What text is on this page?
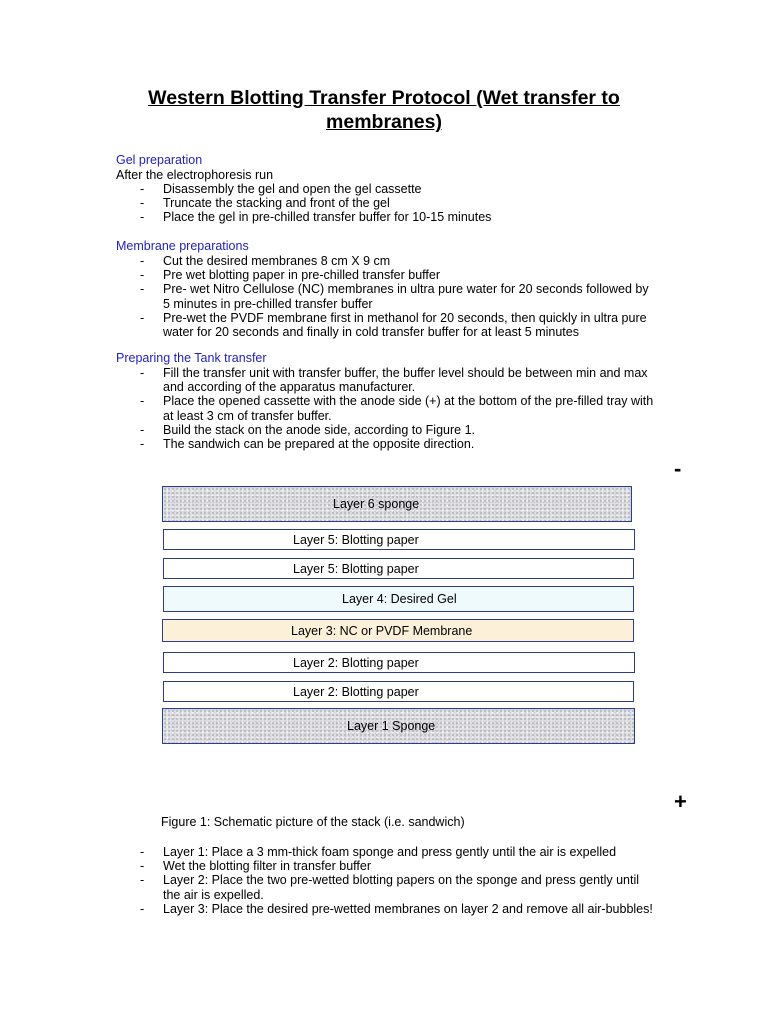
Western Blotting Transfer Protocol (Wet transfer to membranes)
Gel preparation
After the electrophoresis run
- Disassembly the gel and open the gel cassette
- Truncate the stacking and front of the gel
- Place the gel in pre-chilled transfer buffer for 10-15 minutes
Membrane preparations
- Cut the desired membranes 8 cm X 9 cm
- Pre wet blotting paper in pre-chilled transfer buffer
- Pre- wet Nitro Cellulose (NC) membranes in ultra pure water for 20 seconds followed by 5 minutes in pre-chilled transfer buffer
- Pre-wet the PVDF membrane first in methanol for 20 seconds, then quickly in ultra pure water for 20 seconds and finally in cold transfer buffer for at least 5 minutes
Preparing the Tank transfer
- Fill the transfer unit with transfer buffer, the buffer level should be between min and max and according of the apparatus manufacturer.
- Place the opened cassette with the anode side (+) at the bottom of the pre-filled tray with at least 3 cm of transfer buffer.
- Build the stack on the anode side, according to Figure 1.
- The sandwich can be prepared at the opposite direction.
-
Layer 6 sponge
Layer 5: Blotting paper
Layer 5: Blotting paper
Layer 4: Desired Gel
Layer 3: NC or PVDF Membrane
Layer 2: Blotting paper
Layer 2: Blotting paper
Layer 1 Sponge
+
Figure 1: Schematic picture of the stack (i.e. sandwich)
- Layer 1: Place a 3 mm-thick foam sponge and press gently until the air is expelled
- Wet the blotting filter in transfer buffer
- Layer 2: Place the two pre-wetted blotting papers on the sponge and press gently until the air is expelled.
- Layer 3: Place the desired pre-wetted membranes on layer 2 and remove all air-bubbles!
